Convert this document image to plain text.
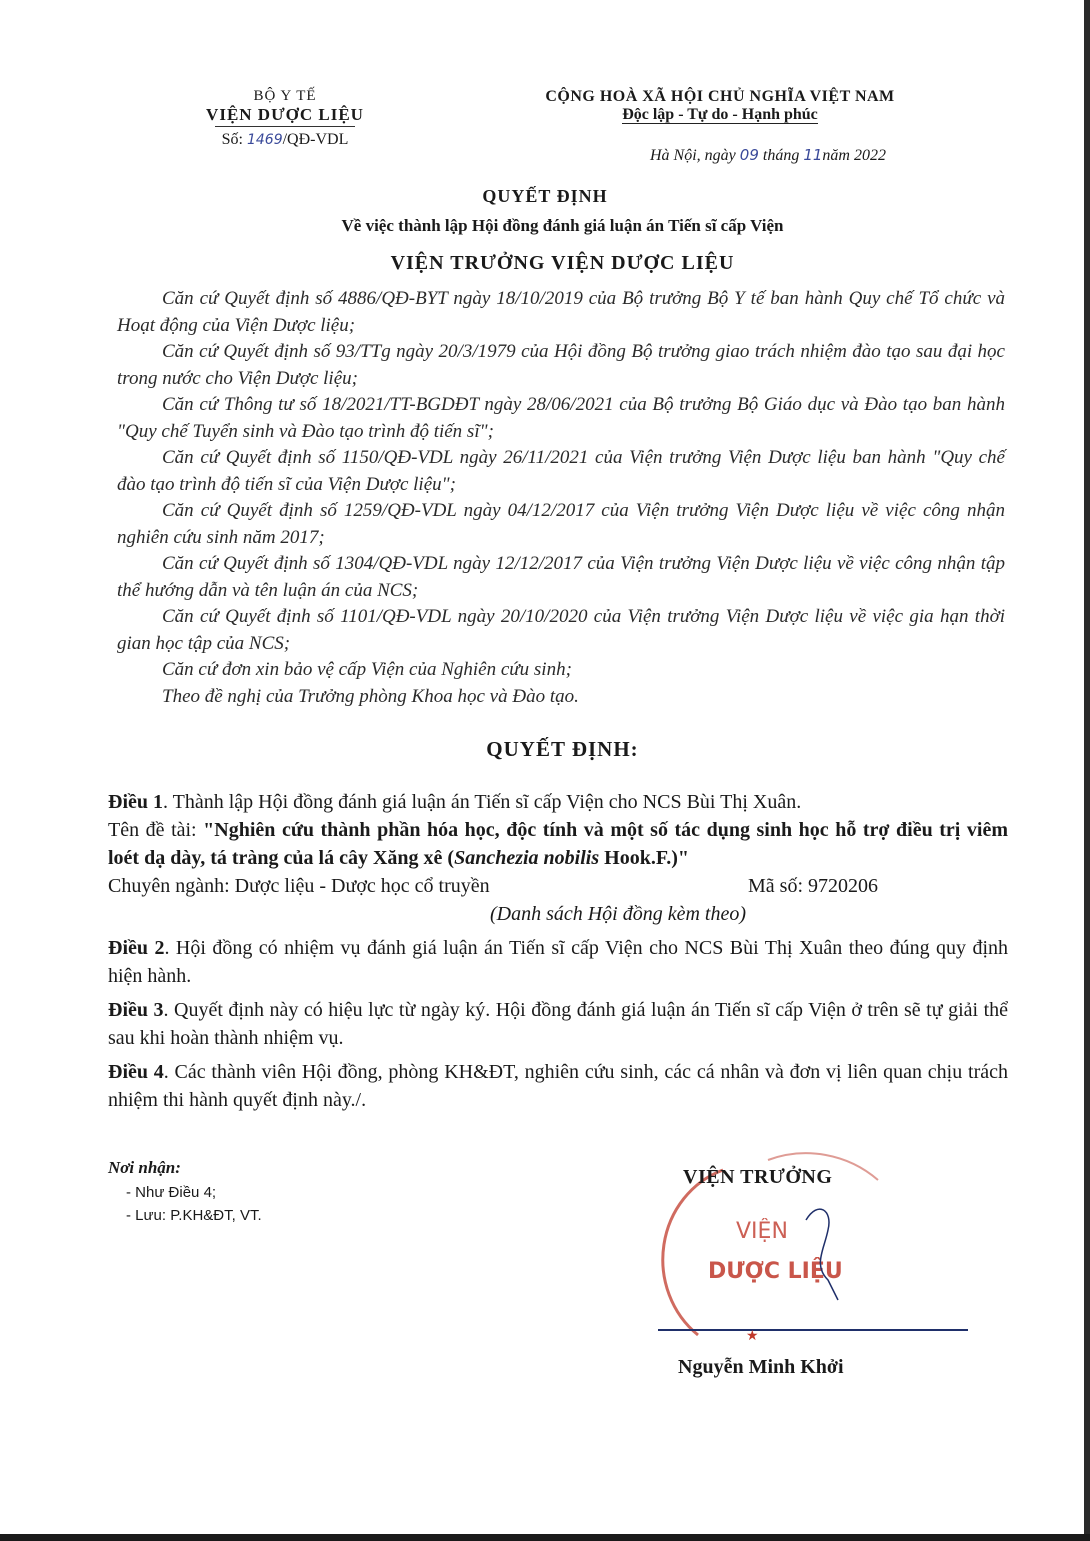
BỘ Y TẾ
VIỆN DƯỢC LIỆU
Số: 1469/QĐ-VDL
CỘNG HOÀ XÃ HỘI CHỦ NGHĨA VIỆT NAM
Độc lập - Tự do - Hạnh phúc
Hà Nội, ngày 09 tháng 11năm 2022
QUYẾT ĐỊNH
Về việc thành lập Hội đồng đánh giá luận án Tiến sĩ cấp Viện
VIỆN TRƯỞNG VIỆN DƯỢC LIỆU

Căn cứ Quyết định số 4886/QĐ-BYT ngày 18/10/2019 của Bộ trưởng Bộ Y tế ban hành Quy chế Tổ chức và Hoạt động của Viện Dược liệu;

Căn cứ Quyết định số 93/TTg ngày 20/3/1979 của Hội đồng Bộ trưởng giao trách nhiệm đào tạo sau đại học trong nước cho Viện Dược liệu;

Căn cứ Thông tư số 18/2021/TT-BGDĐT ngày 28/06/2021 của Bộ trưởng Bộ Giáo dục và Đào tạo ban hành "Quy chế Tuyển sinh và Đào tạo trình độ tiến sĩ";

Căn cứ Quyết định số 1150/QĐ-VDL ngày 26/11/2021 của Viện trưởng Viện Dược liệu ban hành "Quy chế đào tạo trình độ tiến sĩ của Viện Dược liệu";

Căn cứ Quyết định số 1259/QĐ-VDL ngày 04/12/2017 của Viện trưởng Viện Dược liệu về việc công nhận nghiên cứu sinh năm 2017;

Căn cứ Quyết định số 1304/QĐ-VDL ngày 12/12/2017 của Viện trưởng Viện Dược liệu về việc công nhận tập thể hướng dẫn và tên luận án của NCS;

Căn cứ Quyết định số 1101/QĐ-VDL ngày 20/10/2020 của Viện trưởng Viện Dược liệu về việc gia hạn thời gian học tập của NCS;

Căn cứ đơn xin bảo vệ cấp Viện của Nghiên cứu sinh;

Theo đề nghị của Trưởng phòng Khoa học và Đào tạo.

QUYẾT ĐỊNH:

Điều 1. Thành lập Hội đồng đánh giá luận án Tiến sĩ cấp Viện cho NCS Bùi Thị Xuân.

Tên đề tài: "Nghiên cứu thành phần hóa học, độc tính và một số tác dụng sinh học hỗ trợ điều trị viêm loét dạ dày, tá tràng của lá cây Xăng xê (Sanchezia nobilis Hook.F.)"

Chuyên ngành: Dược liệu - Dược học cổ truyền	Mã số: 9720206

(Danh sách Hội đồng kèm theo)

Điều 2. Hội đồng có nhiệm vụ đánh giá luận án Tiến sĩ cấp Viện cho NCS Bùi Thị Xuân theo đúng quy định hiện hành.

Điều 3. Quyết định này có hiệu lực từ ngày ký. Hội đồng đánh giá luận án Tiến sĩ cấp Viện ở trên sẽ tự giải thể sau khi hoàn thành nhiệm vụ.

Điều 4. Các thành viên Hội đồng, phòng KH&ĐT, nghiên cứu sinh, các cá nhân và đơn vị liên quan chịu trách nhiệm thi hành quyết định này./.

Nơi nhận:
- Như Điều 4;
- Lưu: P.KH&ĐT, VT.
VIỆN
DƯỢC LIỆU
★
VIỆN TRƯỞNG
Nguyễn Minh Khởi
